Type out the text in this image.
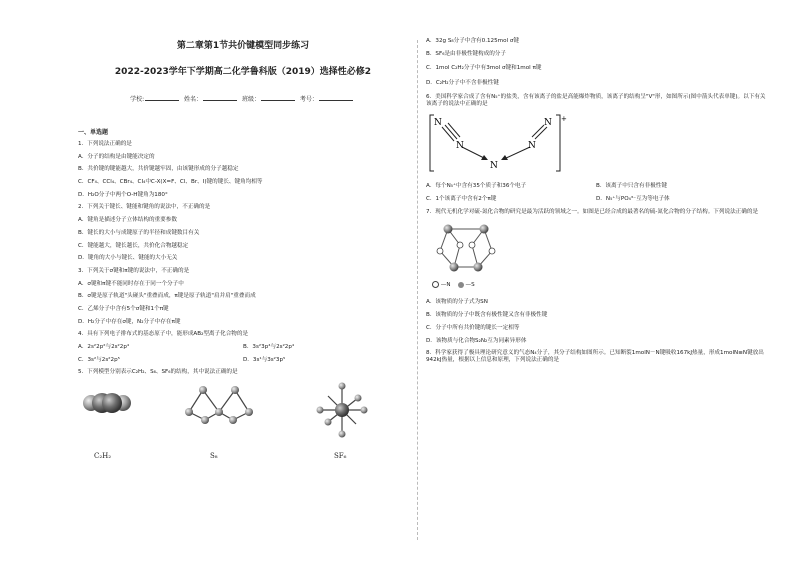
第二章第1节共价键模型同步练习
2022-2023学年下学期高二化学鲁科版（2019）选择性必修2
学校:	姓名：	班级：	考号：
一、单选题
1．下列说法正确的是
A．分子的结构是由键能决定的
B．共价键的键能越大，共价键越牢固，由该键形成的分子越稳定
C．CF₄、CCl₄、CBr₄、CI₄中C-X(X=F、Cl、Br、I)键的键长、键角均相等
D．H₂O分子中两个O-H键角为180°
2．下列关于键长、键能和键角的说法中，不正确的是
A．键角是描述分子立体结构的重要参数
B．键长的大小与成键原子的半径和成键数目有关
C．键能越大，键长越长，共价化合物越稳定
D．键角的大小与键长、键能的大小无关
3．下列关于σ键和π键的说法中，不正确的是
A．σ键和π键不能同时存在于同一个分子中
B．σ键是原子轨道"头碰头"重叠而成，π键是原子轨道"肩并肩"重叠而成
C．乙烯分子中含有5个σ键和1个π键
D．H₂分子中存在σ键，N₂分子中存在π键
4．具有下列电子排布式的基态原子中，能形成AB₂型离子化合物的是
A．2s²2p²与2s²2p⁴	B．3s²3p⁴与2s²2p⁴
C．3s²与2s²2p⁵	D．3s¹与3s²3p⁵
5．下列模型分别表示C₂H₂、S₈、SF₆的结构，其中说法正确的是
C₂H₂	S₈	SF₆
A．32g S₈分子中含有0.125mol σ键
B．SF₆是由非极性键构成的分子
C．1mol C₂H₂分子中有3mol σ键和1mol π键
D．C₂H₂分子中不含非极性键
6．美国科学家合成了含有N₅⁺的盐类，含有该离子的盐是高能爆炸物质，该离子的结构呈"V"形，如图所示(图中箭头代表单键)。以下有关该离子的说法中正确的是
N
N
N
N
N +
A．每个N₅⁺中含有35个质子和36个电子	B．该离子中只含有非极性键
C．1个该离子中含有2个π键	D．N₅⁺与PO₄³⁻互为等电子体
7．现代无机化学对硫-氮化合物的研究是最为活跃的领域之一。如图是已经合成的最著名的硫-氮化合物的分子结构。下列说法正确的是
—N	—S
A．该物质的分子式为SN
B．该物质的分子中既含有极性键又含有非极性键
C．分子中所有共价键的键长一定相等
D．该物质与化合物S₂N₂互为同素异形体
8．科学家获得了极具理论研究意义的气态N₄分子，其分子结构如图所示。已知断裂1molN－N键吸收167kJ热量，形成1molN≡N键放出942kJ热量，根据以上信息和原理，下列说法正确的是
